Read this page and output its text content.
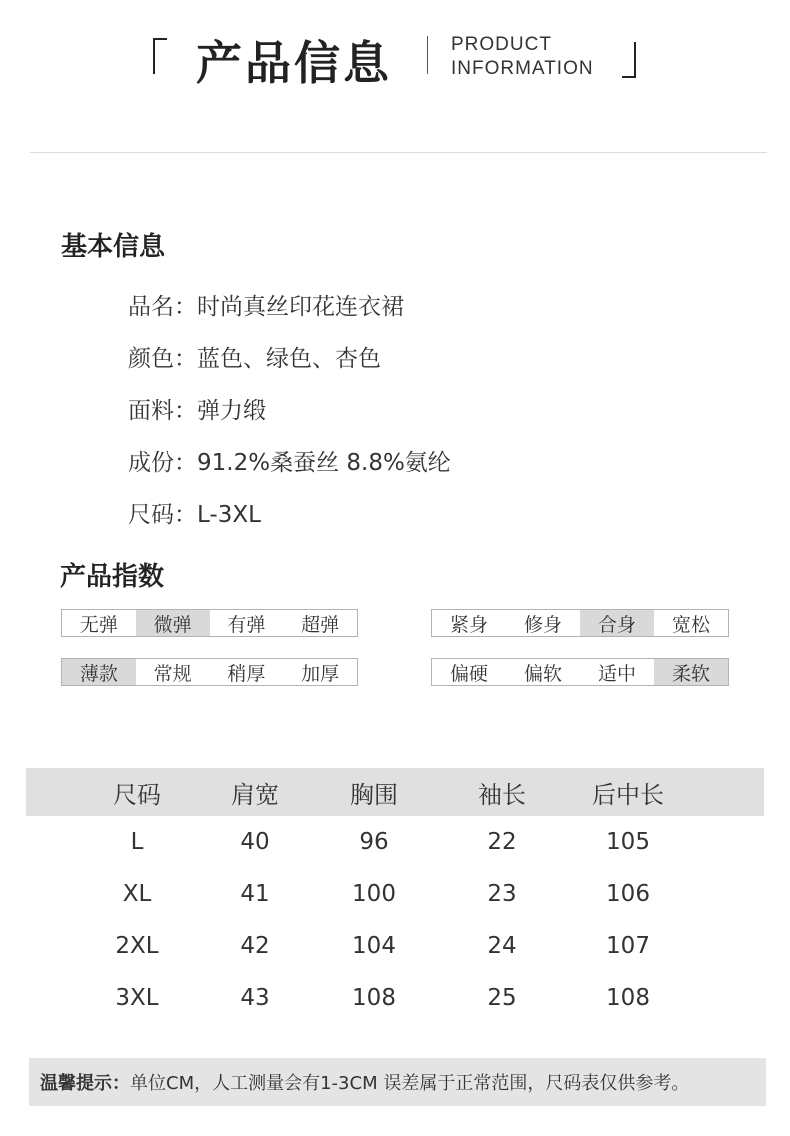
产品信息	PRODUCT
INFORMATION
基本信息
品名：时尚真丝印花连衣裙
颜色：蓝色、绿色、杏色
面料：弹力缎
成份：91.2%桑蚕丝 8.8%氨纶
尺码：L-3XL
产品指数
无弹	微弹	有弹	超弹	紧身	修身	合身	宽松
薄款	常规	稍厚	加厚	偏硬	偏软	适中	柔软
尺码	肩宽	胸围	袖长	后中长
L	40	96	22	105
XL	41	100	23	106
2XL	42	104	24	107
3XL	43	108	25	108
温馨提示： 单位CM，人工测量会有1-3CM 误差属于正常范围，尺码表仅供参考。
